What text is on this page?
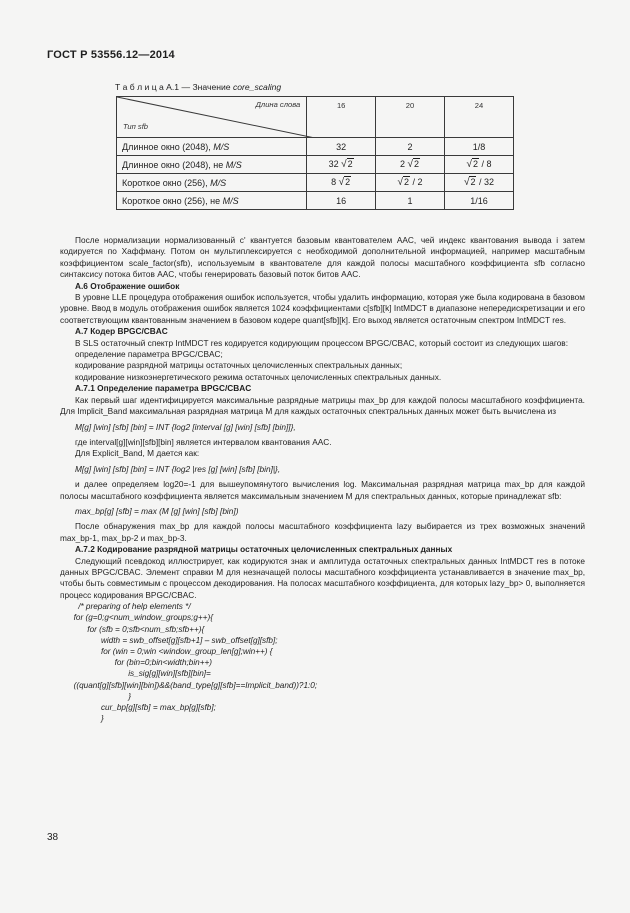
ГОСТ Р 53556.12—2014
Т а б л и ц а А.1 — Значение core_scaling
Длина слова
Тип sfb	16	20	24

Длинное окно (2048), M/S	32	2	1/8
Длинное окно (2048), не M/S	32 √2	2 √2	√2 / 8
Короткое окно (256), M/S	8 √2	√2 / 2	√2 / 32
Короткое окно (256), не M/S	16	1	1/16

После нормализации нормализованный c' квантуется базовым квантователем AAC, чей индекс квантования вывода i затем кодируется по Хаффману. Потом он мультиплексируется с необходимой дополнительной информацией, например масштабным коэффициентом scale_factor(sfb), используемым в квантователе для каждой полосы масштабного коэффициента sfb согласно синтаксису потока битов AAC, чтобы генерировать базовый поток битов AAC.

А.6 Отображение ошибок

В уровне LLE процедура отображения ошибок используется, чтобы удалить информацию, которая уже была кодирована в базовом уровне. Ввод в модуль отображения ошибок является 1024 коэффициентами c[sfb][k] IntMDCT в диапазоне непередискретизации и его соответствующим квантованным значением в базовом кодере quant[sfb][k]. Его выход является остаточным спектром IntMDCT res.

А.7 Кодер BPGC/CBAC

В SLS остаточный спектр IntMDCT res кодируется кодирующим процессом BPGC/CBAC, который состоит из следующих шагов:

определение параметра BPGC/CBAC;

кодирование разрядной матрицы остаточных целочисленных спектральных данных;

кодирование низкоэнергетического режима остаточных целочисленных спектральных данных.

А.7.1 Определение параметра BPGC/CBAC

Как первый шаг идентифицируется максимальные разрядные матрицы max_bp для каждой полосы масштабного коэффициента. Для Implicit_Band максимальная разрядная матрица M для каждых остаточных спектральных данных может быть вычислена из

M[g] [win] [sfb] [bin] = INT {log2 [interval [g] [win] [sfb] [bin]]},

где interval[g][win][sfb][bin] является интервалом квантования AAC.

Для Explicit_Band, M дается как:

M[g] [win] [sfb] [bin] = INT {log2 |res [g] [win] [sfb] [bin]|},

и далее определяем log20=-1 для вышеупомянутого вычисления log. Максимальная разрядная матрица max_bp для каждой полосы масштабного коэффициента является максимальным значением M для спектральных данных, которые принадлежат sfb:

max_bp[g] [sfb] = max (M [g] [win] [sfb] [bin])

После обнаружения max_bp для каждой полосы масштабного коэффициента lazy выбирается из трех возможных значений max_bp-1, max_bp-2 и max_bp-3.

А.7.2 Кодирование разрядной матрицы остаточных целочисленных спектральных данных

Следующий псевдокод иллюстрирует, как кодируются знак и амплитуда остаточных спектральных данных IntMDCT res в потоке данных BPGC/CBAC. Элемент справки M для незначащей полосы масштабного коэффициента устанавливается в значение max_bp, чтобы быть совместимым с процессом декодирования. На полосах масштабного коэффициента, для которых lazy_bp> 0, выполняется процесс кодирования BPGC/CBAC.

/* preparing of help elements */

for (g=0;g<num_window_groups;g++){

for (sfb = 0;sfb<num_sfb;sfb++){

width = swb_offset[g][sfb+1] – swb_offset[g][sfb];

for (win = 0;win <window_group_len[g];win++) {

for (bin=0;bin<width;bin++)

is_sig[g][win][sfb][bin]=

((quant[g][sfb][win][bin])&&(band_type[g][sfb]==Implicit_band))?1:0;

}

cur_bp[g][sfb] = max_bp[g][sfb];

}

38
